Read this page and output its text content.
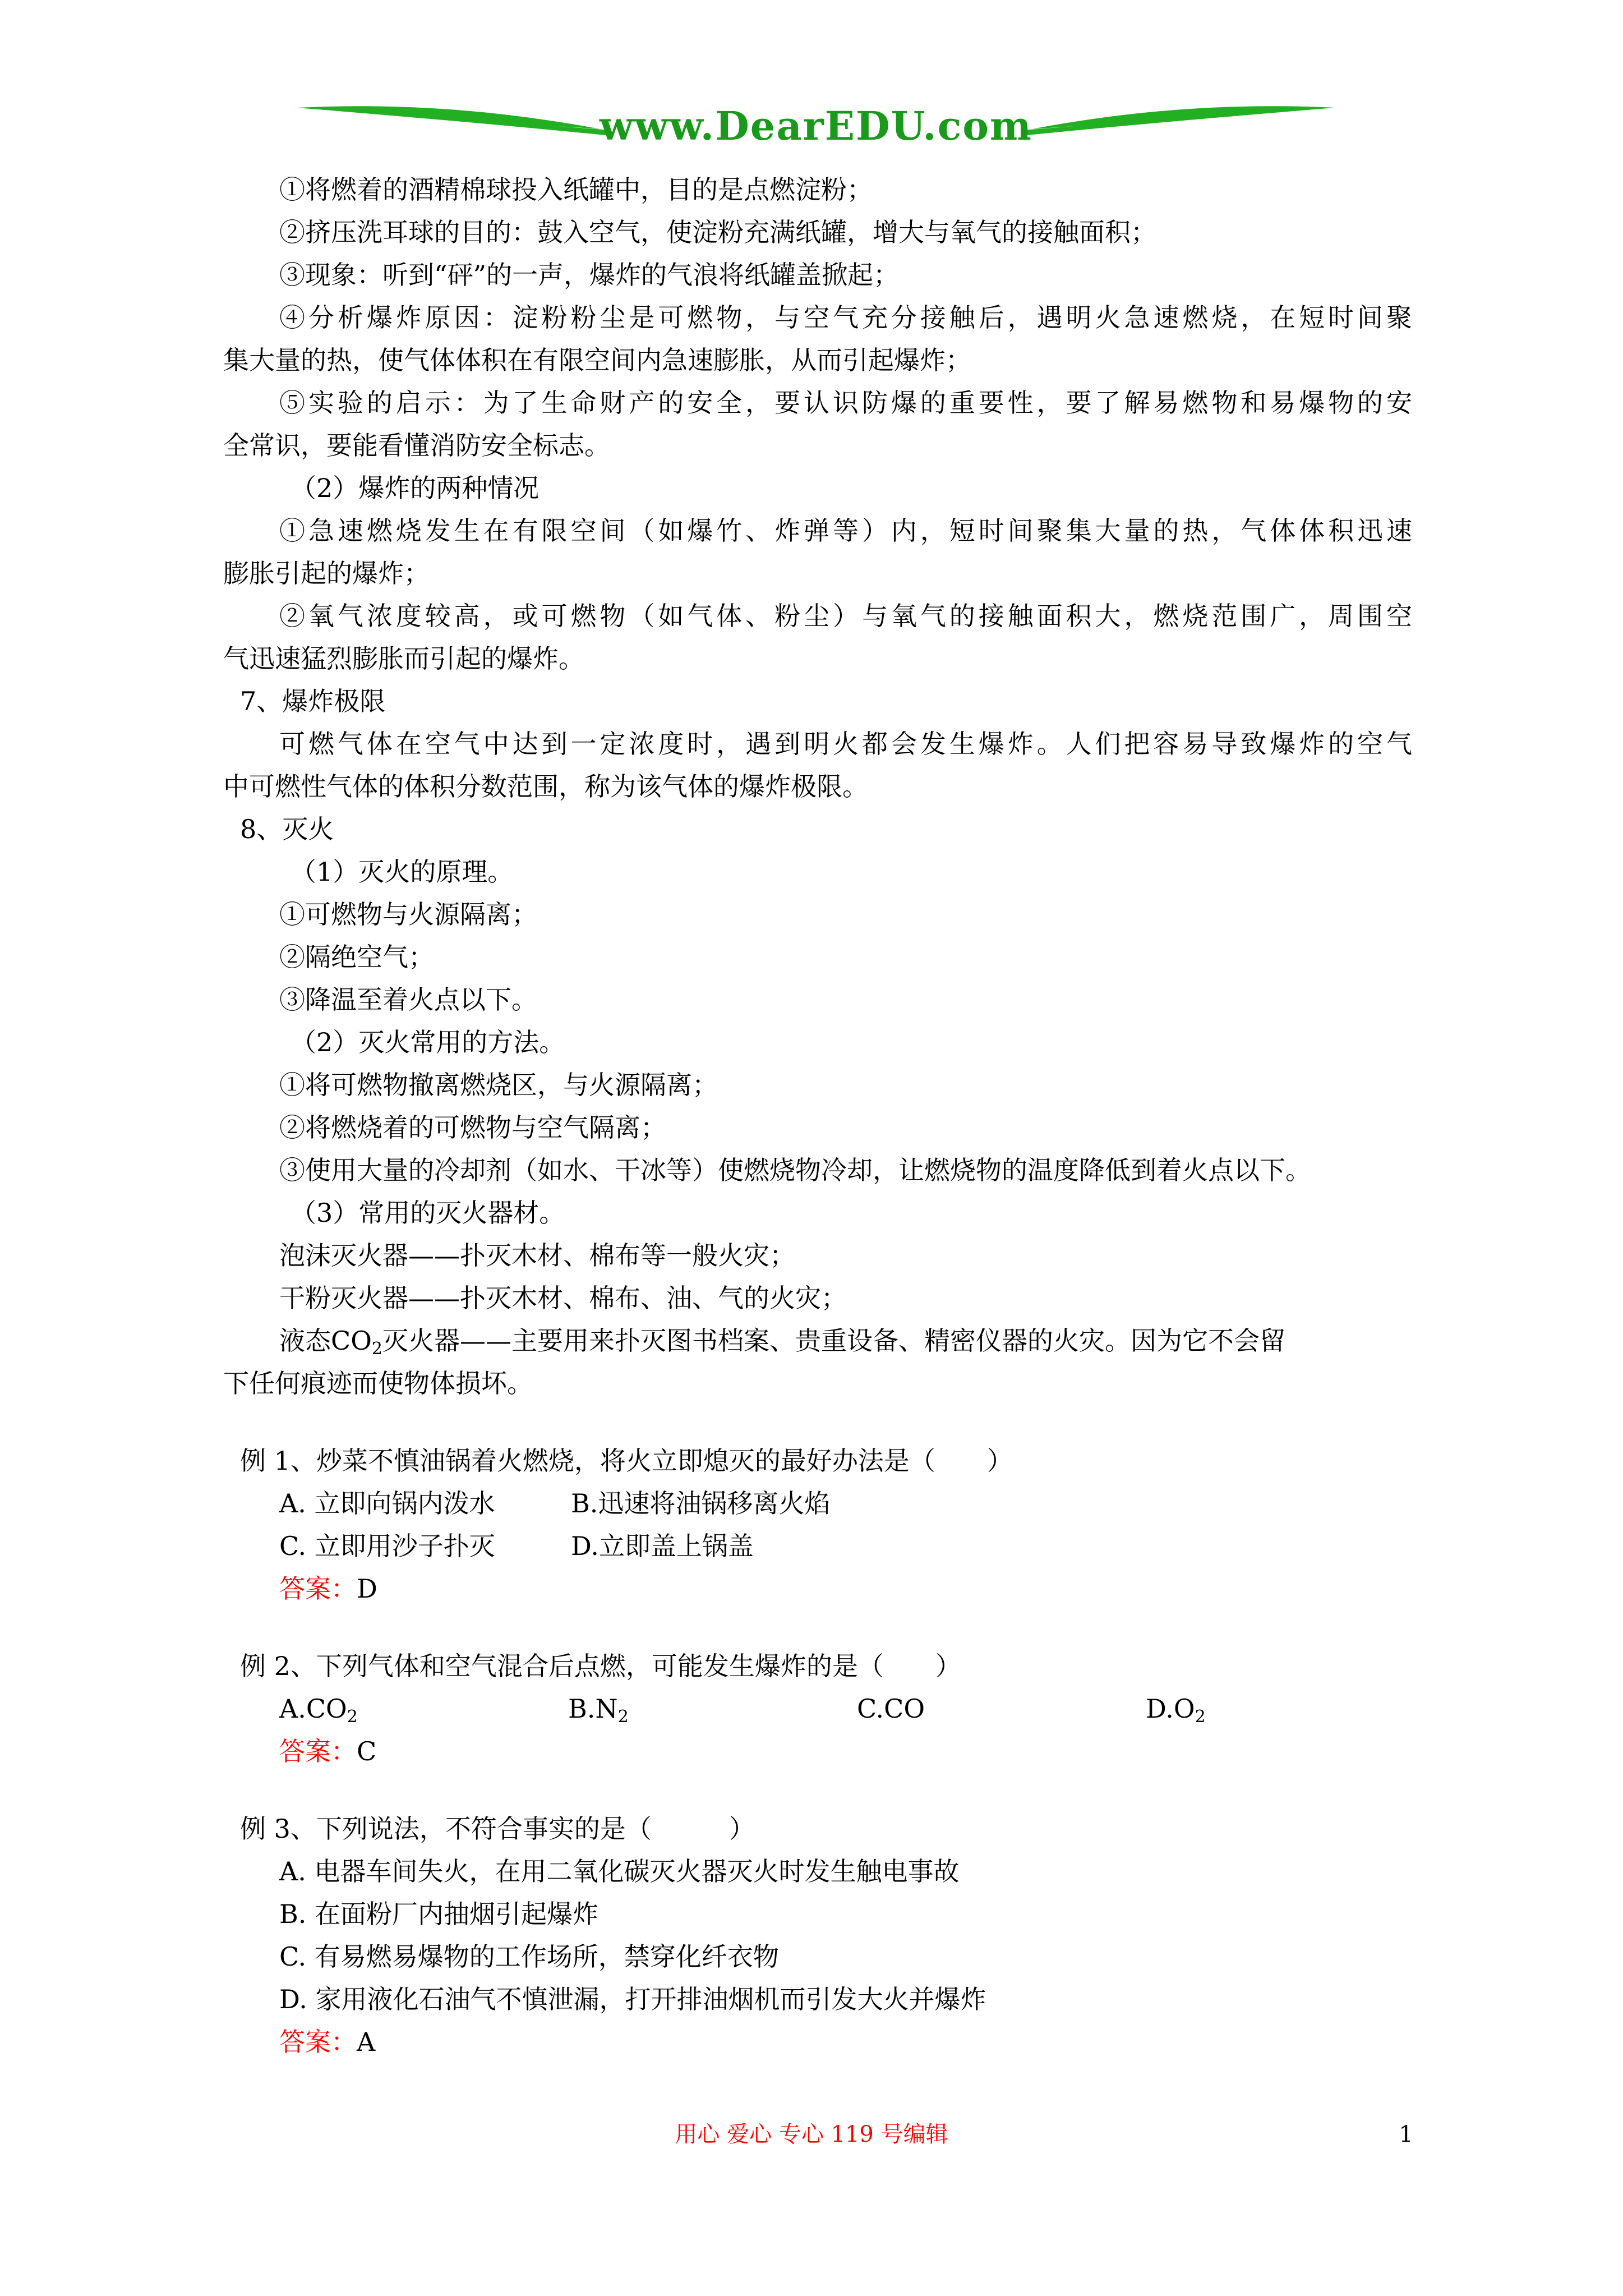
www.DearEDU.com
①将燃着的酒精棉球投入纸罐中，目的是点燃淀粉；
②挤压洗耳球的目的：鼓入空气，使淀粉充满纸罐，增大与氧气的接触面积；
③现象：听到“砰”的一声，爆炸的气浪将纸罐盖掀起；
④分析爆炸原因：淀粉粉尘是可燃物，与空气充分接触后，遇明火急速燃烧，在短时间聚
集大量的热，使气体体积在有限空间内急速膨胀，从而引起爆炸；
⑤实验的启示：为了生命财产的安全，要认识防爆的重要性，要了解易燃物和易爆物的安
全常识，要能看懂消防安全标志。
（2）爆炸的两种情况
①急速燃烧发生在有限空间（如爆竹、炸弹等）内，短时间聚集大量的热，气体体积迅速
膨胀引起的爆炸；
②氧气浓度较高，或可燃物（如气体、粉尘）与氧气的接触面积大，燃烧范围广，周围空
气迅速猛烈膨胀而引起的爆炸。
7、爆炸极限
可燃气体在空气中达到一定浓度时，遇到明火都会发生爆炸。人们把容易导致爆炸的空气
中可燃性气体的体积分数范围，称为该气体的爆炸极限。
8、灭火
（1）灭火的原理。
①可燃物与火源隔离；
②隔绝空气；
③降温至着火点以下。
（2）灭火常用的方法。
①将可燃物撤离燃烧区，与火源隔离；
②将燃烧着的可燃物与空气隔离；
③使用大量的冷却剂（如水、干冰等）使燃烧物冷却，让燃烧物的温度降低到着火点以下。
（3）常用的灭火器材。
泡沫灭火器——扑灭木材、棉布等一般火灾；
干粉灭火器——扑灭木材、棉布、油、气的火灾；
液态$CO_2$灭火器——主要用来扑灭图书档案、贵重设备、精密仪器的火灾。因为它不会留
下任何痕迹而使物体损坏。
例 1、炒菜不慎油锅着火燃烧，将火立即熄灭的最好办法是（　　）
A. 立即向锅内泼水	B.迅速将油锅移离火焰
C. 立即用沙子扑灭	D.立即盖上锅盖
答案：D
例 2、下列气体和空气混合后点燃，可能发生爆炸的是（　　）
$A.CO_2$	$B.N_2$	C.CO	$D.O_2$
答案：C
例 3、下列说法，不符合事实的是（　　　）
A. 电器车间失火，在用二氧化碳灭火器灭火时发生触电事故
B. 在面粉厂内抽烟引起爆炸
C. 有易燃易爆物的工作场所，禁穿化纤衣物
D. 家用液化石油气不慎泄漏，打开排油烟机而引发大火并爆炸
答案：A
用心 爱心 专心 119 号编辑	1
